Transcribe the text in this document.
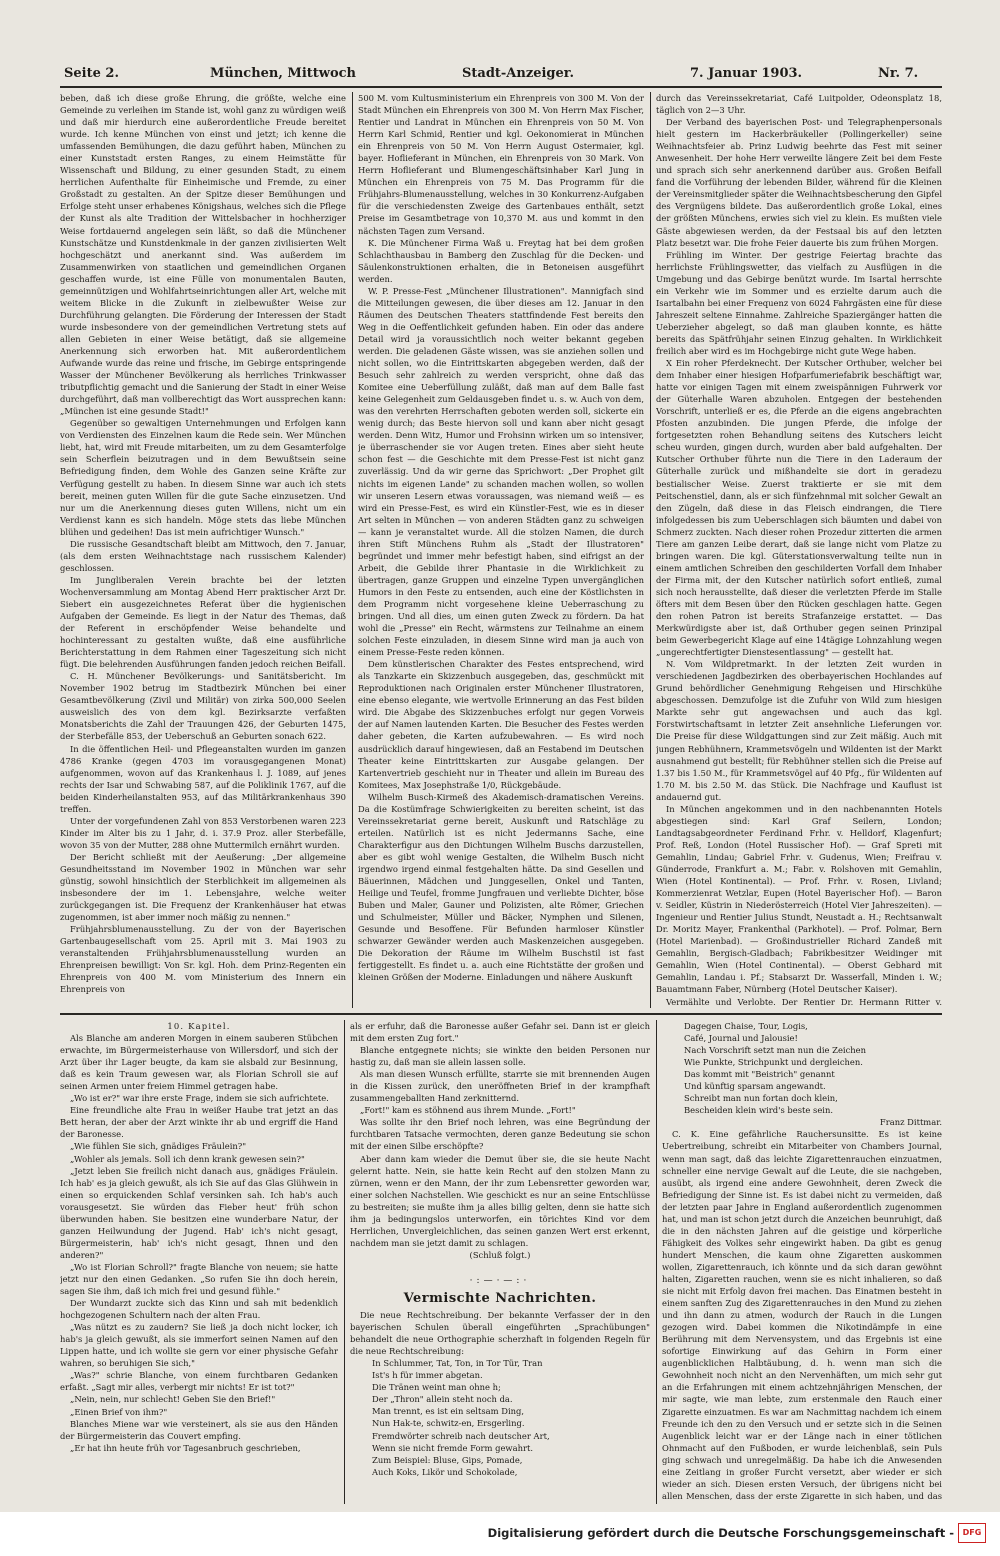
Seite 2.	München, Mittwoch	Stadt-Anzeiger.	7. Januar 1903.	Nr. 7.

beben, daß ich diese große Ehrung, die größte, welche eine Gemeinde zu verleihen im Stande ist, wohl ganz zu würdigen weiß und daß mir hierdurch eine außerordentliche Freude bereitet wurde. Ich kenne München von einst und jetzt; ich kenne die umfassenden Bemühungen, die dazu geführt haben, München zu einer Kunststadt ersten Ranges, zu einem Heimstätte für Wissenschaft und Bildung, zu einer gesunden Stadt, zu einem herrlichen Aufenthalte für Einheimische und Fremde, zu einer Großstadt zu gestalten. An der Spitze dieser Bemühungen und Erfolge steht unser erhabenes Königshaus, welches sich die Pflege der Kunst als alte Tradition der Wittelsbacher in hochherziger Weise fortdauernd angelegen sein läßt, so daß die Münchener Kunstschätze und Kunstdenkmale in der ganzen zivilisierten Welt hochgeschätzt und anerkannt sind. Was außerdem im Zusammenwirken von staatlichen und gemeindlichen Organen geschaffen wurde, ist eine Fülle von monumentalen Bauten, gemeinnützigen und Wohlfahrtseinrichtungen aller Art, welche mit weitem Blicke in die Zukunft in zielbewußter Weise zur Durchführung gelangten. Die Förderung der Interessen der Stadt wurde insbesondere von der gemeindlichen Vertretung stets auf allen Gebieten in einer Weise betätigt, daß sie allgemeine Anerkennung sich erworben hat. Mit außerordentlichem Aufwande wurde das reine und frische, im Gebirge entspringende Wasser der Münchener Bevölkerung als herrliches Trinkwasser tributpflichtig gemacht und die Sanierung der Stadt in einer Weise durchgeführt, daß man vollberechtigt das Wort aussprechen kann: „München ist eine gesunde Stadt!"

Gegenüber so gewaltigen Unternehmungen und Erfolgen kann von Verdiensten des Einzelnen kaum die Rede sein. Wer München liebt, hat, wird mit Freude mitarbeiten, um zu dem Gesamterfolge sein Scherflein beizutragen und in dem Bewußtsein seine Befriedigung finden, dem Wohle des Ganzen seine Kräfte zur Verfügung gestellt zu haben. In diesem Sinne war auch ich stets bereit, meinen guten Willen für die gute Sache einzusetzen. Und nur um die Anerkennung dieses guten Willens, nicht um ein Verdienst kann es sich handeln. Möge stets das liebe München blühen und gedeihen! Das ist mein aufrichtiger Wunsch."

Die russische Gesandtschaft bleibt am Mittwoch, den 7. Januar, (als dem ersten Weihnachtstage nach russischem Kalender) geschlossen.

Im Jungliberalen Verein brachte bei der letzten Wochenversammlung am Montag Abend Herr praktischer Arzt Dr. Siebert ein ausgezeichnetes Referat über die hygienischen Aufgaben der Gemeinde. Es liegt in der Natur des Themas, daß der Referent in erschöpfender Weise behandelte und hochinteressant zu gestalten wußte, daß eine ausführliche Berichterstattung in dem Rahmen einer Tageszeitung sich nicht fügt. Die belehrenden Ausführungen fanden jedoch reichen Beifall.

C. H. Münchener Bevölkerungs- und Sanitätsbericht. Im November 1902 betrug im Stadtbezirk München bei einer Gesamtbevölkerung (Zivil und Militär) von zirka 500,000 Seelen ausweislich des von dem kgl. Bezirksarzte verfaßten Monatsberichts die Zahl der Trauungen 426, der Geburten 1475, der Sterbefälle 853, der Ueberschuß an Geburten sonach 622.

In die öffentlichen Heil- und Pflegeanstalten wurden im ganzen 4786 Kranke (gegen 4703 im vorausgegangenen Monat) aufgenommen, wovon auf das Krankenhaus l. J. 1089, auf jenes rechts der Isar und Schwabing 587, auf die Poliklinik 1767, auf die beiden Kinderheilanstalten 953, auf das Militärkrankenhaus 390 treffen.

Unter der vorgefundenen Zahl von 853 Verstorbenen waren 223 Kinder im Alter bis zu 1 Jahr, d. i. 37.9 Proz. aller Sterbefälle, wovon 35 von der Mutter, 288 ohne Muttermilch ernährt wurden.

Der Bericht schließt mit der Aeußerung: „Der allgemeine Gesundheitsstand im November 1902 in München war sehr günstig, sowohl hinsichtlich der Sterblichkeit im allgemeinen als insbesondere der im 1. Lebensjahre, welche weiter zurückgegangen ist. Die Frequenz der Krankenhäuser hat etwas zugenommen, ist aber immer noch mäßig zu nennen."

Frühjahrsblumenausstellung. Zu der von der Bayerischen Gartenbaugesellschaft vom 25. April mit 3. Mai 1903 zu veranstaltenden Frühjahrsblumenausstellung wurden an Ehrenpreisen bewilligt: Von Sr. kgl. Hoh. dem Prinz-Regenten ein Ehrenpreis von 400 M. vom Ministerium des Innern ein Ehrenpreis von

500 M. vom Kultusministerium ein Ehrenpreis von 300 M. Von der Stadt München ein Ehrenpreis von 300 M. Von Herrn Max Fischer, Rentier und Landrat in München ein Ehrenpreis von 50 M. Von Herrn Karl Schmid, Rentier und kgl. Oekonomierat in München ein Ehrenpreis von 50 M. Von Herrn August Ostermaier, kgl. bayer. Hoflieferant in München, ein Ehrenpreis von 30 Mark. Von Herrn Hoflieferant und Blumengeschäftsinhaber Karl Jung in München ein Ehrenpreis von 75 M. Das Programm für die Frühjahrs-Blumenausstellung, welches in 30 Konkurrenz-Aufgaben für die verschiedensten Zweige des Gartenbaues enthält, setzt Preise im Gesamtbetrage von 10,370 M. aus und kommt in den nächsten Tagen zum Versand.

K. Die Münchener Firma Waß u. Freytag hat bei dem großen Schlachthausbau in Bamberg den Zuschlag für die Decken- und Säulenkonstruktionen erhalten, die in Betoneisen ausgeführt werden.

W. P. Presse-Fest „Münchener Illustrationen". Mannigfach sind die Mitteilungen gewesen, die über dieses am 12. Januar in den Räumen des Deutschen Theaters stattfindende Fest bereits den Weg in die Oeffentlichkeit gefunden haben. Ein oder das andere Detail wird ja voraussichtlich noch weiter bekannt gegeben werden. Die geladenen Gäste wissen, was sie anziehen sollen und nicht sollen, wo die Eintrittskarten abgegeben werden, daß der Besuch sehr zahlreich zu werden verspricht, ohne daß das Komitee eine Ueberfüllung zuläßt, daß man auf dem Balle fast keine Gelegenheit zum Geldausgeben findet u. s. w. Auch von dem, was den verehrten Herrschaften geboten werden soll, sickerte ein wenig durch; das Beste hiervon soll und kann aber nicht gesagt werden. Denn Witz, Humor und Frohsinn wirken um so intensiver, je überraschender sie vor Augen treten. Eines aber sieht heute schon fest — die Geschichte mit dem Presse-Fest ist nicht ganz zuverlässig. Und da wir gerne das Sprichwort: „Der Prophet gilt nichts im eigenen Lande" zu schanden machen wollen, so wollen wir unseren Lesern etwas voraussagen, was niemand weiß — es wird ein Presse-Fest, es wird ein Künstler-Fest, wie es in dieser Art selten in München — von anderen Städten ganz zu schweigen — kann je veranstaltet wurde. All die stolzen Namen, die durch ihren Stift Münchens Ruhm als „Stadt der Illustratoren" begründet und immer mehr befestigt haben, sind eifrigst an der Arbeit, die Gebilde ihrer Phantasie in die Wirklichkeit zu übertragen, ganze Gruppen und einzelne Typen unvergänglichen Humors in den Feste zu entsenden, auch eine der Köstlichsten in dem Programm nicht vorgesehene kleine Ueberraschung zu bringen. Und all dies, um einen guten Zweck zu fördern. Da hat wohl die „Presse" ein Recht, wärmstens zur Teilnahme an einem solchen Feste einzuladen, in diesem Sinne wird man ja auch von einem Presse-Feste reden können.

Dem künstlerischen Charakter des Festes entsprechend, wird als Tanzkarte ein Skizzenbuch ausgegeben, das, geschmückt mit Reproduktionen nach Originalen erster Münchener Illustratoren, eine ebenso elegante, wie wertvolle Erinnerung an das Fest bilden wird. Die Abgabe des Skizzenbuches erfolgt nur gegen Vorweis der auf Namen lautenden Karten. Die Besucher des Festes werden daher gebeten, die Karten aufzubewahren. — Es wird noch ausdrücklich darauf hingewiesen, daß an Festabend im Deutschen Theater keine Eintrittskarten zur Ausgabe gelangen. Der Kartenvertrieb geschieht nur in Theater und allein im Bureau des Komitees, Max Josephstraße 1/0, Rückgebäude.

Wilhelm Busch-Kirmeß des Akademisch-dramatischen Vereins. Da die Kostümfrage Schwierigkeiten zu bereiten scheint, ist das Vereinssekretariat gerne bereit, Auskunft und Ratschläge zu erteilen. Natürlich ist es nicht Jedermanns Sache, eine Charakterfigur aus den Dichtungen Wilhelm Buschs darzustellen, aber es gibt wohl wenige Gestalten, die Wilhelm Busch nicht irgendwo irgend einmal festgehalten hätte. Da sind Gesellen und Bäuerinnen, Mädchen und Junggesellen, Onkel und Tanten, Heilige und Teufel, fromme Jungfrauen und verliebte Dichter, böse Buben und Maler, Gauner und Polizisten, alte Römer, Griechen und Schulmeister, Müller und Bäcker, Nymphen und Silenen, Gesunde und Besoffene. Für Befunden harmloser Künstler schwarzer Gewänder werden auch Maskenzeichen ausgegeben. Die Dekoration der Räume im Wilhelm Buschstil ist fast fertiggestellt. Es findet u. a. auch eine Richtstätte der großen und kleinen Größen der Moderne. Einladungen und nähere Auskunft

durch das Vereinssekretariat, Café Luitpolder, Odeonsplatz 18, täglich von 2—3 Uhr.

Der Verband des bayerischen Post- und Telegraphenpersonals hielt gestern im Hackerbräukeller (Pollingerkeller) seine Weihnachtsfeier ab. Prinz Ludwig beehrte das Fest mit seiner Anwesenheit. Der hohe Herr verweilte längere Zeit bei dem Feste und sprach sich sehr anerkennend darüber aus. Großen Beifall fand die Vorführung der lebenden Bilder, während für die Kleinen der Vereinsmitglieder später die Weihnachtsbescherung den Gipfel des Vergnügens bildete. Das außerordentlich große Lokal, eines der größten Münchens, erwies sich viel zu klein. Es mußten viele Gäste abgewiesen werden, da der Festsaal bis auf den letzten Platz besetzt war. Die frohe Feier dauerte bis zum frühen Morgen.

Frühling im Winter. Der gestrige Feiertag brachte das herrlichste Frühlingswetter, das vielfach zu Ausflügen in die Umgebung und das Gebirge benützt wurde. Im Isartal herrschte ein Verkehr wie im Sommer und es erzielte darum auch die Isartalbahn bei einer Frequenz von 6024 Fahrgästen eine für diese Jahreszeit seltene Einnahme. Zahlreiche Spaziergänger hatten die Ueberzieher abgelegt, so daß man glauben konnte, es hätte bereits das Spätfrühjahr seinen Einzug gehalten. In Wirklichkeit freilich aber wird es im Hochgebirge nicht gute Wege haben.

X Ein roher Pferdeknecht. Der Kutscher Orthuber, welcher bei dem Inhaber einer hiesigen Hofparfumeriefabrik beschäftigt war, hatte vor einigen Tagen mit einem zweispännigen Fuhrwerk vor der Güterhalle Waren abzuholen. Entgegen der bestehenden Vorschrift, unterließ er es, die Pferde an die eigens angebrachten Pfosten anzubinden. Die jungen Pferde, die infolge der fortgesetzten rohen Behandlung seitens des Kutschers leicht scheu wurden, gingen durch, wurden aber bald aufgehalten. Der Kutscher Orthuber führte nun die Tiere in den Laderaum der Güterhalle zurück und mißhandelte sie dort in geradezu bestialischer Weise. Zuerst traktierte er sie mit dem Peitschenstiel, dann, als er sich fünfzehnmal mit solcher Gewalt an den Zügeln, daß diese in das Fleisch eindrangen, die Tiere infolgedessen bis zum Ueberschlagen sich bäumten und dabei von Schmerz zuckten. Nach dieser rohen Prozedur zitterten die armen Tiere am ganzen Leibe derart, daß sie lange nicht vom Platze zu bringen waren. Die kgl. Güterstationsverwaltung teilte nun in einem amtlichen Schreiben den geschilderten Vorfall dem Inhaber der Firma mit, der den Kutscher natürlich sofort entließ, zumal sich noch herausstellte, daß dieser die verletzten Pferde im Stalle öfters mit dem Besen über den Rücken geschlagen hatte. Gegen den rohen Patron ist bereits Strafanzeige erstattet. — Das Merkwürdigste aber ist, daß Orthuber gegen seinen Prinzipal beim Gewerbegericht Klage auf eine 14tägige Lohnzahlung wegen „ungerechtfertigter Dienstesentlassung" — gestellt hat.

N. Vom Wildpretmarkt. In der letzten Zeit wurden in verschiedenen Jagdbezirken des oberbayerischen Hochlandes auf Grund behördlicher Genehmigung Rehgeisen und Hirschkühe abgeschossen. Demzufolge ist die Zufuhr von Wild zum hiesigen Markte sehr gut angewachsen und auch das kgl. Forstwirtschaftsamt in letzter Zeit ansehnliche Lieferungen vor. Die Preise für diese Wildgattungen sind zur Zeit mäßig. Auch mit jungen Rebhühnern, Krammetsvögeln und Wildenten ist der Markt ausnahmend gut bestellt; für Rebhühner stellen sich die Preise auf 1.37 bis 1.50 M., für Krammetsvögel auf 40 Pfg., für Wildenten auf 1.70 M. bis 2.50 M. das Stück. Die Nachfrage und Kauflust ist andauernd gut.

In München angekommen und in den nachbenannten Hotels abgestiegen sind: Karl Graf Seilern, London; Landtagsabgeordneter Ferdinand Frhr. v. Helldorf, Klagenfurt; Prof. Reß, London (Hotel Russischer Hof). — Graf Spreti mit Gemahlin, Lindau; Gabriel Frhr. v. Gudenus, Wien; Freifrau v. Günderrode, Frankfurt a. M.; Fabr. v. Rolshoven mit Gemahlin, Wien (Hotel Kontinental). — Prof. Frhr. v. Rosen, Livland; Kommerzienrat Wetzlar, Eupen (Hotel Bayerischer Hof). — Baron v. Seidler, Küstrin in Niederösterreich (Hotel Vier Jahreszeiten). — Ingenieur und Rentier Julius Stundt, Neustadt a. H.; Rechtsanwalt Dr. Moritz Mayer, Frankenthal (Parkhotel). — Prof. Polmar, Bern (Hotel Marienbad). — Großindustrieller Richard Zandeß mit Gemahlin, Bergisch-Gladbach; Fabrikbesitzer Weidinger mit Gemahlin, Wien (Hotel Continental). — Oberst Gebhard mit Gemahlin, Landau i. Pf.; Stabsarzt Dr. Wasserfall, Minden i. W.; Bauamtmann Faber, Nürnberg (Hotel Deutscher Kaiser).

Vermählte und Verlobte. Der Rentier Dr. Hermann Ritter v.

10. Kapitel.

Als Blanche am anderen Morgen in einem sauberen Stübchen erwachte, im Bürgermeisterhause von Willersdorf, und sich der Arzt über ihr Lager beugte, da kam sie alsbald zur Besinnung, daß es kein Traum gewesen war, als Florian Schroll sie auf seinen Armen unter freiem Himmel getragen habe.

„Wo ist er?" war ihre erste Frage, indem sie sich aufrichtete.

Eine freundliche alte Frau in weißer Haube trat jetzt an das Bett heran, der aber der Arzt winkte ihr ab und ergriff die Hand der Baronesse.

„Wie fühlen Sie sich, gnädiges Fräulein?"

„Wohler als jemals. Soll ich denn krank gewesen sein?"

„Jetzt leben Sie freilich nicht danach aus, gnädiges Fräulein. Ich hab' es ja gleich gewußt, als ich Sie auf das Glas Glühwein in einen so erquickenden Schlaf versinken sah. Ich hab's auch vorausgesetzt. Sie würden das Fieber heut' früh schon überwunden haben. Sie besitzen eine wunderbare Natur, der ganzen Heilwundung der Jugend. Hab' ich's nicht gesagt, Bürgermeisterin, hab' ich's nicht gesagt, Ihnen und den anderen?"

„Wo ist Florian Schroll?" fragte Blanche von neuem; sie hatte jetzt nur den einen Gedanken. „So rufen Sie ihn doch herein, sagen Sie ihm, daß ich mich frei und gesund fühle."

Der Wundarzt zuckte sich das Kinn und sah mit bedenklich hochgezogenen Schultern nach der alten Frau.

„Was nützt es zu zaudern? Sie ließ ja doch nicht locker, ich hab's ja gleich gewußt, als sie immerfort seinen Namen auf den Lippen hatte, und ich wollte sie gern vor einer physische Gefahr wahren, so beruhigen Sie sich,"

„Was?" schrie Blanche, von einem furchtbaren Gedanken erfaßt. „Sagt mir alles, verbergt mir nichts! Er ist tot?"

„Nein, nein, nur schlecht! Geben Sie den Brief!"

„Einen Brief von ihm?"

Blanches Miene war wie versteinert, als sie aus den Händen der Bürgermeisterin das Couvert empfing.

„Er hat ihn heute früh vor Tagesanbruch geschrieben,

als er erfuhr, daß die Baronesse außer Gefahr sei. Dann ist er gleich mit dem ersten Zug fort."

Blanche entgegnete nichts; sie winkte den beiden Personen nur hastig zu, daß man sie allein lassen solle.

Als man diesen Wunsch erfüllte, starrte sie mit brennenden Augen in die Kissen zurück, den uneröffneten Brief in der krampfhaft zusammengeballten Hand zerknitternd.

„Fort!" kam es stöhnend aus ihrem Munde. „Fort!"

Was sollte ihr den Brief noch lehren, was eine Begründung der furchtbaren Tatsache vermochten, deren ganze Bedeutung sie schon mit der einen Silbe erschöpfte?

Aber dann kam wieder die Demut über sie, die sie heute Nacht gelernt hatte. Nein, sie hatte kein Recht auf den stolzen Mann zu zürnen, wenn er den Mann, der ihr zum Lebensretter geworden war, einer solchen Nachstellen. Wie geschickt es nur an seine Entschlüsse zu bestreiten; sie mußte ihm ja alles billig gelten, denn sie hatte sich ihm ja bedingungslos unterworfen, ein törichtes Kind vor dem Herrlichen, Unvergleichlichen, das seinen ganzen Wert erst erkennt, nachdem man sie jetzt damit zu schlagen.

(Schluß folgt.)

·:—·—:·
Vermischte Nachrichten.

Die neue Rechtschreibung. Der bekannte Verfasser der in den bayerischen Schulen überall eingeführten „Sprachübungen" behandelt die neue Orthographie scherzhaft in folgenden Regeln für die neue Rechtschreibung:

In Schlummer, Tat, Ton, in Tor Tür, Tran

Ist's h für immer abgetan.

Die Tränen weint man ohne h;

Der „Thron" allein steht noch da.

Man trennt, es ist ein seltsam Ding,

Nun Hak-te, schwitz-en, Ersgerling.

Fremdwörter schreib nach deutscher Art,

Wenn sie nicht fremde Form gewahrt.

Zum Beispiel: Bluse, Gips, Pomade,

Auch Koks, Likör und Schokolade,

Dagegen Chaise, Tour, Logis,

Café, Journal und Jalousie!

Nach Vorschrift setzt man nun die Zeichen

Wie Punkte, Strichpunkt und dergleichen.

Das kommt mit "Beistrich" genannt

Und künftig sparsam angewandt.

Schreibt man nun fortan doch klein,

Bescheiden klein wird's beste sein.

Franz Dittmar.

C. K. Eine gefährliche Rauchersunsitte. Es ist keine Uebertreibung, schreibt ein Mitarbeiter von Chambers Journal, wenn man sagt, daß das leichte Zigarettenrauchen einzuatmen, schneller eine nervige Gewalt auf die Leute, die sie nachgeben, ausübt, als irgend eine andere Gewohnheit, deren Zweck die Befriedigung der Sinne ist. Es ist dabei nicht zu vermeiden, daß der letzten paar Jahre in England außerordentlich zugenommen hat, und man ist schon jetzt durch die Anzeichen beunruhigt, daß die in den nächsten Jahren auf die geistige und körperliche Fähigkeit des Volkes sehr eingewirkt haben. Da gibt es genug hundert Menschen, die kaum ohne Zigaretten auskommen wollen, Zigarettenrauch, ich könnte und da sich daran gewöhnt halten, Zigaretten rauchen, wenn sie es nicht inhalieren, so daß sie nicht mit Erfolg davon frei machen. Das Einatmen besteht in einem sanften Zug des Zigarettenrauches in den Mund zu ziehen und ihn dann zu atmen, wodurch der Rauch in die Lungen gezogen wird. Dabei kommen die Nikotindämpfe in eine Berührung mit dem Nervensystem, und das Ergebnis ist eine sofortige Einwirkung auf das Gehirn in Form einer augenblicklichen Halbtäubung, d. h. wenn man sich die Gewohnheit noch nicht an den Nervenhäften, um mich sehr gut an die Erfahrungen mit einem achtzehnjährigen Menschen, der mir sagte, wie man lebte, zum erstenmale den Rauch einer Zigarette einzuatmen. Es war am Nachmittag nachdem ich einem Freunde ich den zu den Versuch und er setzte sich in die Seinen Augenblick leicht war er der Länge nach in einer tötlichen Ohnmacht auf den Fußboden, er wurde leichenblaß, sein Puls ging schwach und unregelmäßig. Da habe ich die Anwesenden eine Zeitlang in großer Furcht versetzt, aber wieder er sich wieder an sich. Diesen ersten Versuch, der übrigens nicht bei allen Menschen, dass der erste Zigarette in sich haben, und das

Digitalisierung gefördert durch die Deutsche Forschungsgemeinschaft -	DFG
